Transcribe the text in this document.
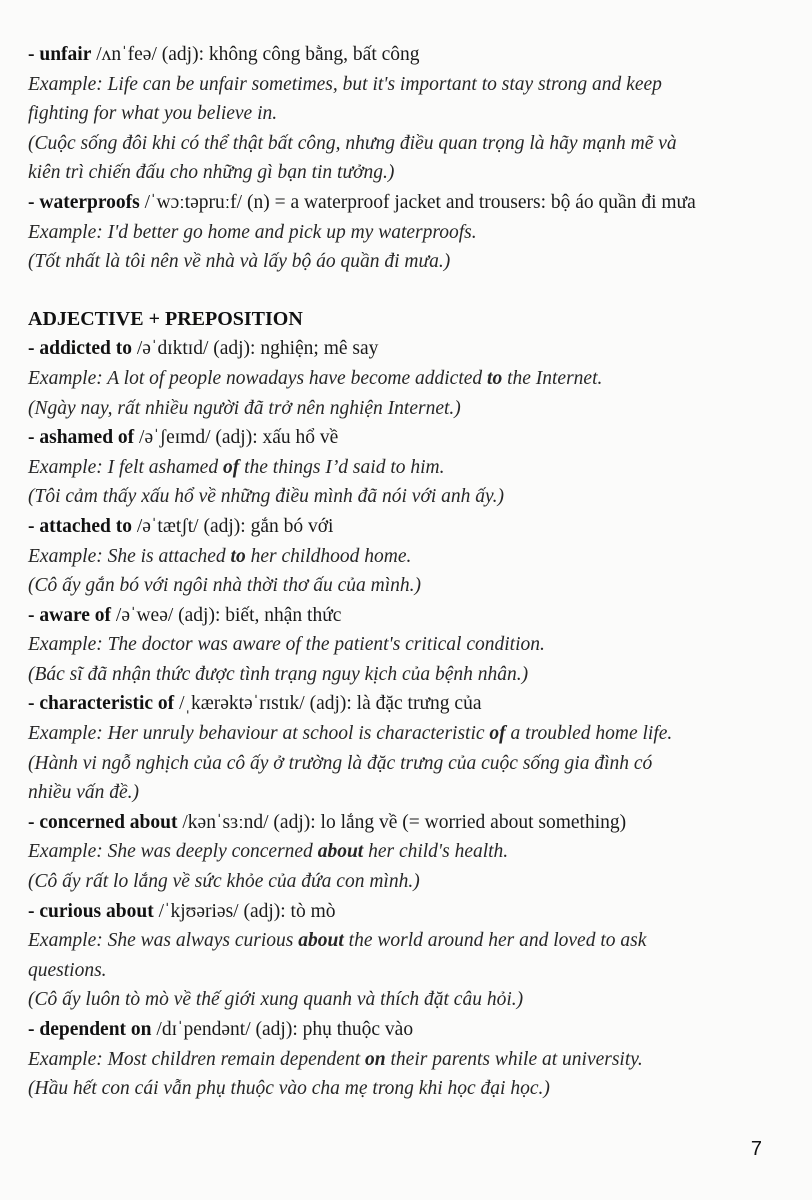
- unfair /ʌnˈfeə/ (adj): không công bằng, bất công
Example: Life can be unfair sometimes, but it's important to stay strong and keep
fighting for what you believe in.
(Cuộc sống đôi khi có thể thật bất công, nhưng điều quan trọng là hãy mạnh mẽ và
kiên trì chiến đấu cho những gì bạn tin tưởng.)
- waterproofs /ˈwɔːtəpruːf/ (n) = a waterproof jacket and trousers: bộ áo quần đi mưa
Example: I'd better go home and pick up my waterproofs.
(Tốt nhất là tôi nên về nhà và lấy bộ áo quần đi mưa.)
ADJECTIVE + PREPOSITION
- addicted to /əˈdɪktɪd/ (adj): nghiện; mê say
Example: A lot of people nowadays have become addicted to the Internet.
(Ngày nay, rất nhiều người đã trở nên nghiện Internet.)
- ashamed of /əˈʃeɪmd/ (adj): xấu hổ về
Example: I felt ashamed of the things I’d said to him.
(Tôi cảm thấy xấu hổ về những điều mình đã nói với anh ấy.)
- attached to /əˈtætʃt/ (adj): gắn bó với
Example: She is attached to her childhood home.
(Cô ấy gắn bó với ngôi nhà thời thơ ấu của mình.)
- aware of /əˈweə/ (adj): biết, nhận thức
Example: The doctor was aware of the patient's critical condition.
(Bác sĩ đã nhận thức được tình trạng nguy kịch của bệnh nhân.)
- characteristic of /ˌkærəktəˈrɪstɪk/ (adj): là đặc trưng của
Example: Her unruly behaviour at school is characteristic of a troubled home life.
(Hành vi ngỗ nghịch của cô ấy ở trường là đặc trưng của cuộc sống gia đình có
nhiều vấn đề.)
- concerned about /kənˈsɜːnd/ (adj): lo lắng về (= worried about something)
Example: She was deeply concerned about her child's health.
(Cô ấy rất lo lắng về sức khỏe của đứa con mình.)
- curious about /ˈkjʊəriəs/ (adj): tò mò
Example: She was always curious about the world around her and loved to ask
questions.
(Cô ấy luôn tò mò về thế giới xung quanh và thích đặt câu hỏi.)
- dependent on /dɪˈpendənt/ (adj): phụ thuộc vào
Example: Most children remain dependent on their parents while at university.
(Hầu hết con cái vẫn phụ thuộc vào cha mẹ trong khi học đại học.)
7
